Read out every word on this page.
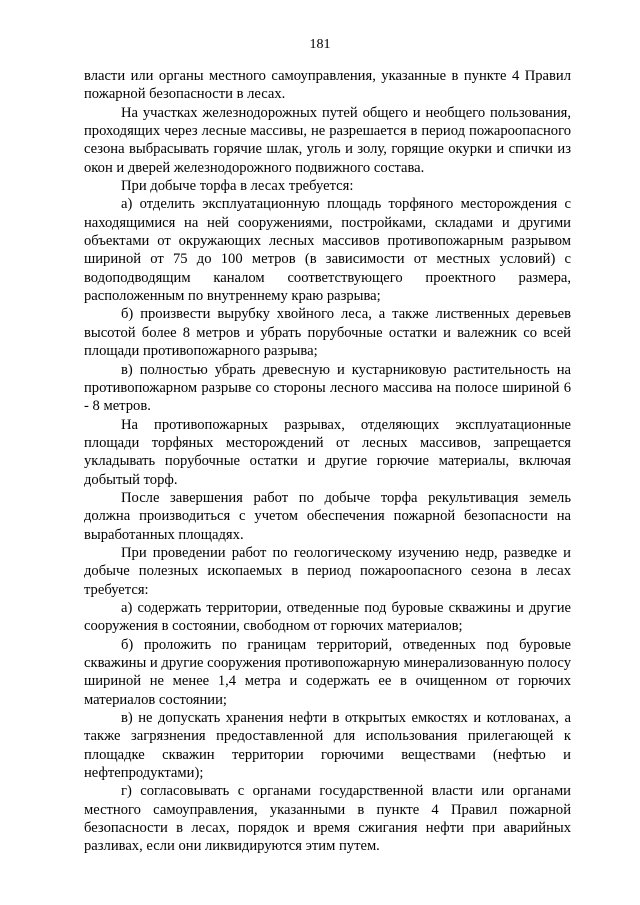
181

власти или органы местного самоуправления, указанные в пункте 4 Правил пожарной безопасности в лесах.

На участках железнодорожных путей общего и необщего пользования, проходящих через лесные массивы, не разрешается в период пожароопасного сезона выбрасывать горячие шлак, уголь и золу, горящие окурки и спички из окон и дверей железнодорожного подвижного состава.

При добыче торфа в лесах требуется:

а) отделить эксплуатационную площадь торфяного месторождения с находящимися на ней сооружениями, постройками, складами и другими объектами от окружающих лесных массивов противопожарным разрывом шириной от 75 до 100 метров (в зависимости от местных условий) с водоподводящим каналом соответствующего проектного размера, расположенным по внутреннему краю разрыва;

б) произвести вырубку хвойного леса, а также лиственных деревьев высотой более 8 метров и убрать порубочные остатки и валежник со всей площади противопожарного разрыва;

в) полностью убрать древесную и кустарниковую растительность на противопожарном разрыве со стороны лесного массива на полосе шириной 6 - 8 метров.

На противопожарных разрывах, отделяющих эксплуатационные площади торфяных месторождений от лесных массивов, запрещается укладывать порубочные остатки и другие горючие материалы, включая добытый торф.

После завершения работ по добыче торфа рекультивация земель должна производиться с учетом обеспечения пожарной безопасности на выработанных площадях.

При проведении работ по геологическому изучению недр, разведке и добыче полезных ископаемых в период пожароопасного сезона в лесах требуется:

а) содержать территории, отведенные под буровые скважины и другие сооружения в состоянии, свободном от горючих материалов;

б) проложить по границам территорий, отведенных под буровые скважины и другие сооружения противопожарную минерализованную полосу шириной не менее 1,4 метра и содержать ее в очищенном от горючих материалов состоянии;

в) не допускать хранения нефти в открытых емкостях и котлованах, а также загрязнения предоставленной для использования прилегающей к площадке скважин территории горючими веществами (нефтью и нефтепродуктами);

г) согласовывать с органами государственной власти или органами местного самоуправления, указанными в пункте 4 Правил пожарной безопасности в лесах, порядок и время сжигания нефти при аварийных разливах, если они ликвидируются этим путем.
